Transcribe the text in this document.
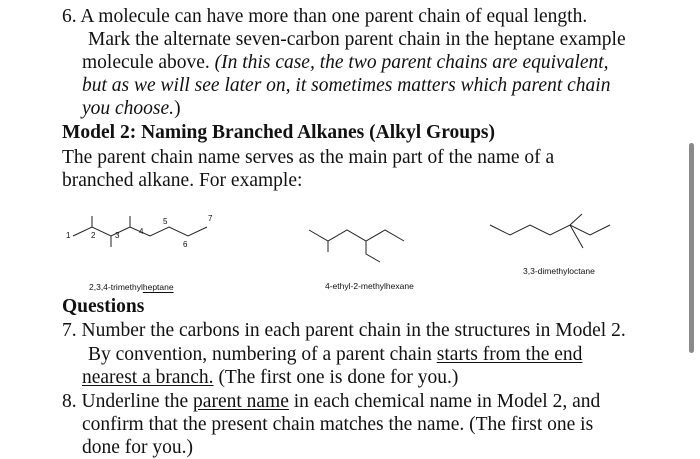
6. A molecule can have more than one parent chain of equal length.
Mark the alternate seven-carbon parent chain in the heptane example
molecule above. (In this case, the two parent chains are equivalent,
but as we will see later on, it sometimes matters which parent chain
you choose.)
Model 2: Naming Branched Alkanes (Alkyl Groups)
The parent chain name serves as the main part of the name of a
branched alkane. For example:
1	2 3 4
5
6
7
2,3,4-trimethylheptane	4-ethyl-2-methylhexane
3,3-dimethyloctane
Questions
7. Number the carbons in each parent chain in the structures in Model 2.
By convention, numbering of a parent chain starts from the end
nearest a branch. (The first one is done for you.)
8. Underline the parent name in each chemical name in Model 2, and
confirm that the present chain matches the name. (The first one is
done for you.)
